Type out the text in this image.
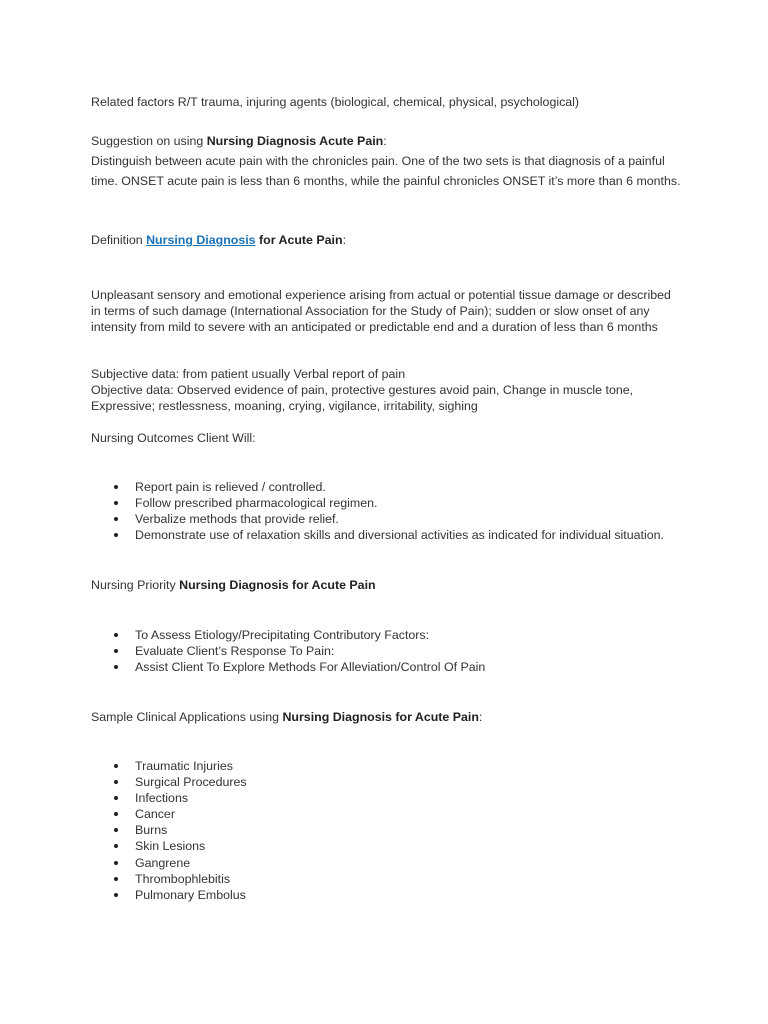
Related factors R/T trauma, injuring agents (biological, chemical, physical, psychological)

Suggestion on using Nursing Diagnosis Acute Pain:

Distinguish between acute pain with the chronicles pain. One of the two sets is that diagnosis of a painful time. ONSET acute pain is less than 6 months, while the painful chronicles ONSET it’s more than 6 months.

Definition Nursing Diagnosis for Acute Pain:

Unpleasant sensory and emotional experience arising from actual or potential tissue damage or described in terms of such damage (International Association for the Study of Pain); sudden or slow onset of any intensity from mild to severe with an anticipated or predictable end and a duration of less than 6 months

Subjective data: from patient usually Verbal report of pain

Objective data: Observed evidence of pain, protective gestures avoid pain, Change in muscle tone, Expressive; restlessness, moaning, crying, vigilance, irritability, sighing

Nursing Outcomes Client Will:

Report pain is relieved / controlled.
Follow prescribed pharmacological regimen.
Verbalize methods that provide relief.
Demonstrate use of relaxation skills and diversional activities as indicated for individual situation.

Nursing Priority Nursing Diagnosis for Acute Pain

To Assess Etiology/Precipitating Contributory Factors:
Evaluate Client’s Response To Pain:
Assist Client To Explore Methods For Alleviation/Control Of Pain

Sample Clinical Applications using Nursing Diagnosis for Acute Pain:

Traumatic Injuries
Surgical Procedures
Infections
Cancer
Burns
Skin Lesions
Gangrene
Thrombophlebitis
Pulmonary Embolus
